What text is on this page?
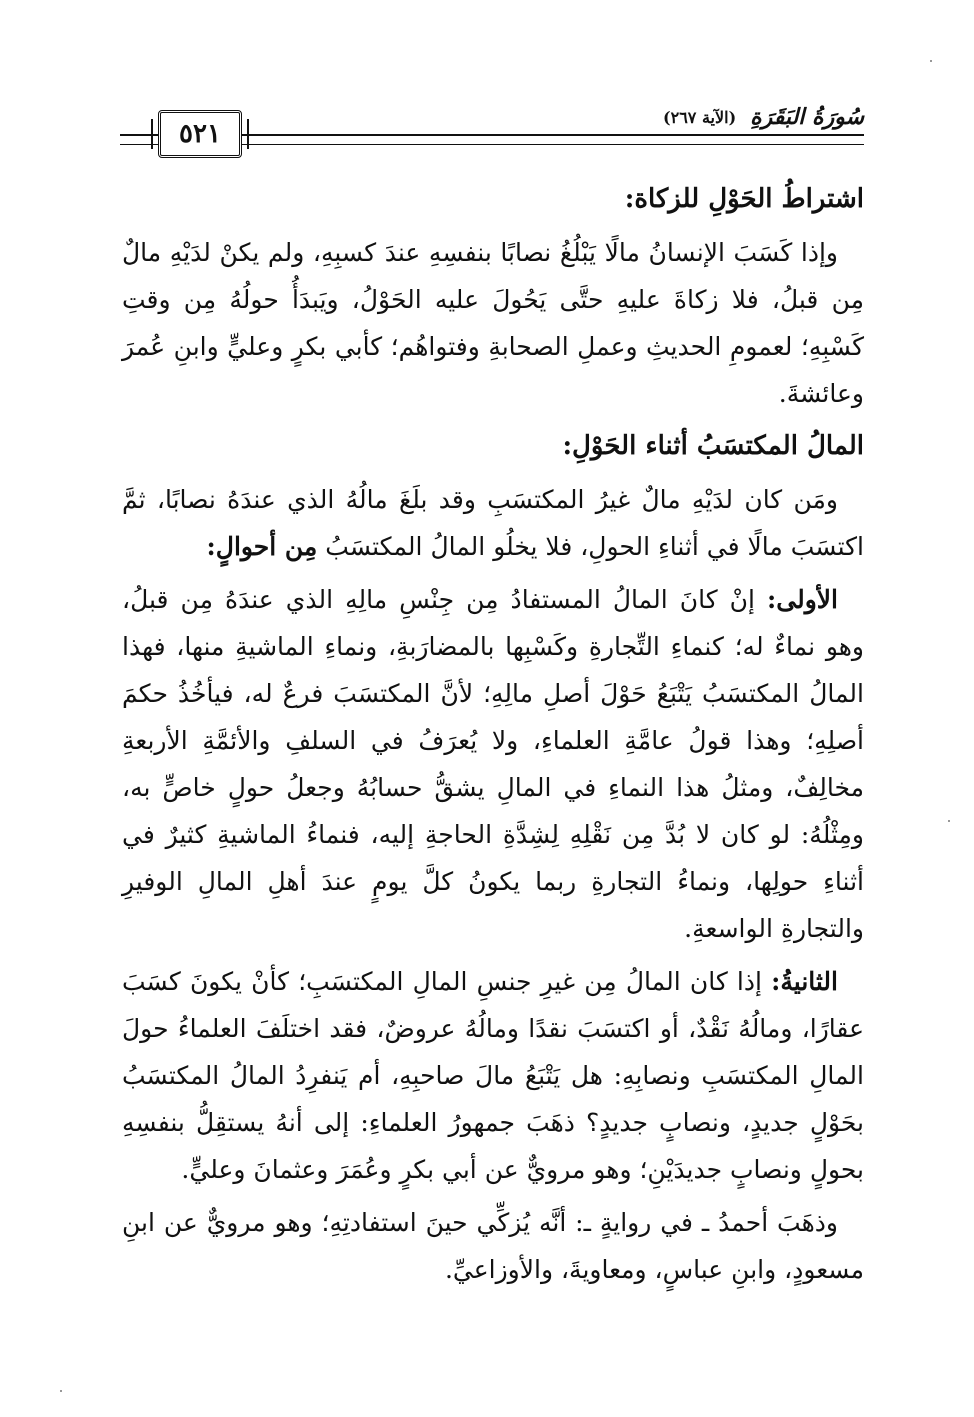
٥٢١
سُورَةُ البَقَرَةِ
(الآية ٢٦٧)

اشتراطُ الحَوْلِ للزكاة:

وإذا كَسَبَ الإنسانُ مالًا يَبْلُغُ نصابًا بنفسِهِ عندَ كسبِهِ، ولم يكنْ لدَيْهِ مالٌ مِن قبلُ، فلا زكاةَ عليهِ حتَّى يَحُولَ عليه الحَوْلُ، ويَبدَأُ حولُهُ مِن وقتِ كَسْبِهِ؛ لعمومِ الحديثِ وعملِ الصحابةِ وفتواهُم؛ كأبي بكرٍ وعليٍّ وابنِ عُمرَ وعائشةَ.

المالُ المكتسَبُ أثناء الحَوْلِ:

ومَن كان لدَيْهِ مالٌ غيرُ المكتسَبِ وقد بلَغَ مالُهُ الذي عندَهُ نصابًا، ثمَّ اكتسَبَ مالًا في أثناءِ الحولِ، فلا يخلُو المالُ المكتسَبُ مِن أحوالٍ:

الأولى: إنْ كانَ المالُ المستفادُ مِن جِنْسِ مالِهِ الذي عندَهُ مِن قبلُ، وهو نماءٌ له؛ كنماءِ التِّجارةِ وكَسْبِها بالمضارَبةِ، ونماءِ الماشيةِ منها، فهذا المالُ المكتسَبُ يَتْبَعُ حَوْلَ أصلِ مالِهِ؛ لأنَّ المكتسَبَ فرعٌ له، فيأخُذُ حكمَ أصلِهِ؛ وهذا قولُ عامَّةِ العلماءِ، ولا يُعرَفُ في السلفِ والأئمَّةِ الأربعةِ مخالِفٌ، ومثلُ هذا النماءِ في المالِ يشقُّ حسابُهُ وجعلُ حولٍ خاصٍّ به، ومِثْلُهُ: لو كان لا بُدَّ مِن نَقْلِهِ لِشِدَّةِ الحاجةِ إليه، فنماءُ الماشيةِ كثيرٌ في أثناءِ حولِها، ونماءُ التجارةِ ربما يكونُ كلَّ يومٍ عندَ أهلِ المالِ الوفيرِ والتجارةِ الواسعةِ.

الثانيةُ: إذا كان المالُ مِن غيرِ جنسِ المالِ المكتسَبِ؛ كأنْ يكونَ كسَبَ عقارًا، ومالُهُ نَقْدٌ، أو اكتسَبَ نقدًا ومالُهُ عروضٌ، فقد اختلَفَ العلماءُ حولَ المالِ المكتسَبِ ونصابِهِ: هل يَتْبَعُ مالَ صاحبِهِ، أم يَنفرِدُ المالُ المكتسَبُ بحَوْلٍ جديدٍ، ونصابٍ جديدٍ؟ ذهَبَ جمهورُ العلماءِ: إلى أنهُ يستقِلُّ بنفسِهِ بحولٍ ونصابٍ جديدَيْنِ؛ وهو مرويٌّ عن أبي بكرٍ وعُمَرَ وعثمانَ وعليٍّ.

وذهَبَ أحمدُ ـ في روايةٍ ـ: أنَّه يُزكِّي حينَ استفادتِهِ؛ وهو مرويٌّ عن ابنِ مسعودٍ، وابنِ عباسٍ، ومعاويةَ، والأوزاعيِّ.
